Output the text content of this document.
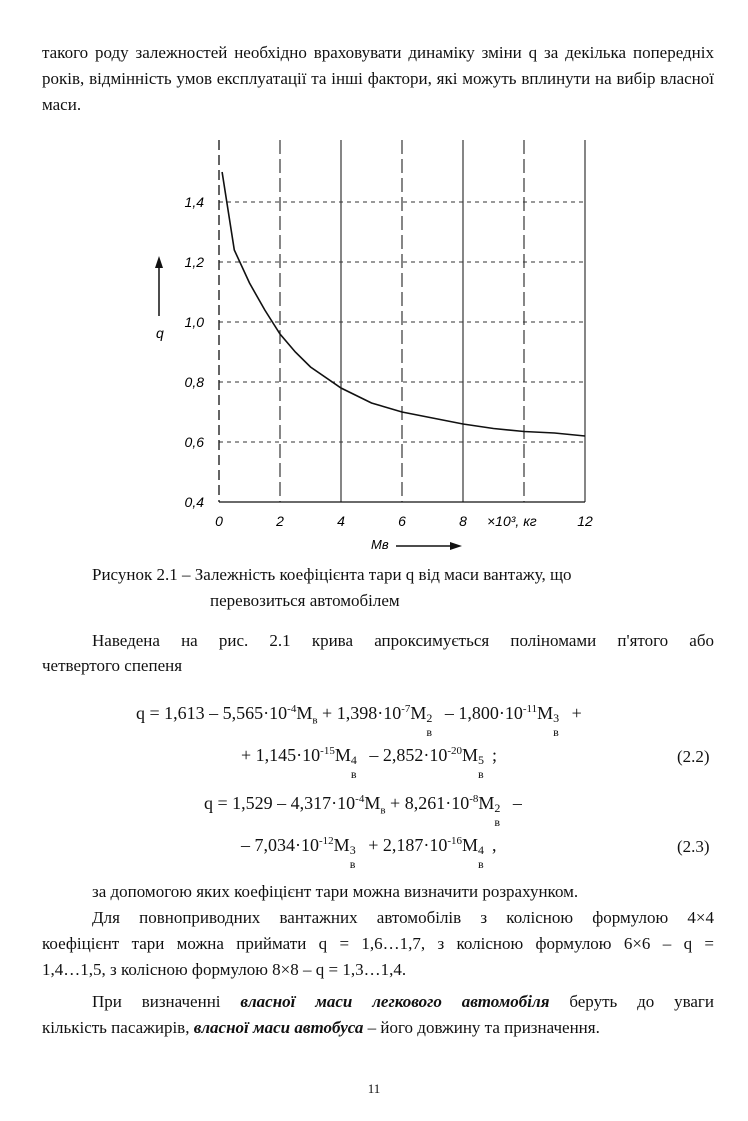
такого роду залежностей необхідно враховувати динаміку зміни q за декілька попередніх років, відмінність умов експлуатації та інші фактори, які можуть вплинути на вибір власної маси.
0	2	4	6	8	12
0,4
0,6
0,8
1,0
1,2
1,4
q
Мв
×10³, кг
Рисунок 2.1 – Залежність коефіцієнта тари q від маси вантажу, що
перевозиться автомобілем
Наведена на рис. 2.1 крива апроксимується поліномами п'ятого або
четвертого спепеня
$q = 1,613 - 5,565\cdot 10^{-4}М_в + 1,398\cdot 10^{-7}М$ 2
в
– $1,800\cdot 10^{-11}М$ 3
в
+
+ $1,145\cdot 10^{-15}М$ 4
в
– $2,852\cdot 10^{-20}М$ 5
в
;	(2.2)
$q = 1,529 - 4,317\cdot 10^{-4}М_в + 8,261\cdot 10^{-8}М$ 2
в
–
– $7,034\cdot 10^{-12}М$ 3
в
+ $2,187\cdot 10^{-16}М$ 4
в
,	(2.3)
за допомогою яких коефіцієнт тари можна визначити розрахунком.
Для повноприводних вантажних автомобілів з колісною формулою 4×4
коефіцієнт тари можна приймати q = 1,6…1,7, з колісною формулою 6×6 – q =
1,4…1,5, з колісною формулою 8×8 – q = 1,3…1,4.
При визначенні власної маси легкового автомобіля беруть до уваги
кількість пасажирів, власної маси автобуса – його довжину та призначення.
11
